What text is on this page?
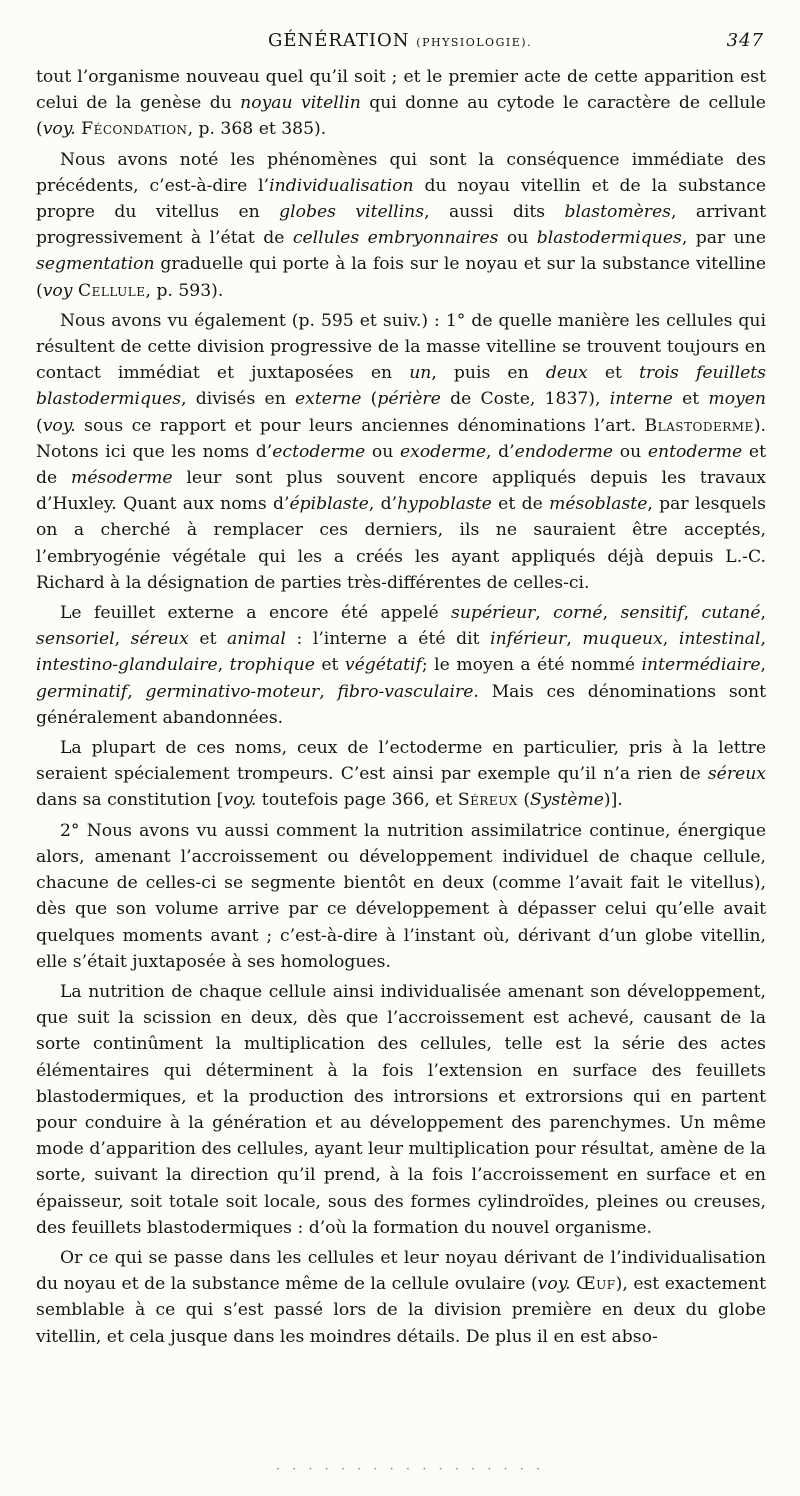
GÉNÉRATION (PHYSIOLOGIE).	347

tout l’organisme nouveau quel qu’il soit ; et le premier acte de cette apparition est celui de la genèse du noyau vitellin qui donne au cytode le caractère de cellule (voy. Fécondation, p. 368 et 385).

Nous avons noté les phénomènes qui sont la conséquence immédiate des précédents, c’est-à-dire l’individualisation du noyau vitellin et de la substance propre du vitellus en globes vitellins, aussi dits blastomères, arrivant progressivement à l’état de cellules embryonnaires ou blastodermiques, par une segmentation graduelle qui porte à la fois sur le noyau et sur la substance vitelline (voy Cellule, p. 593).

Nous avons vu également (p. 595 et suiv.) : 1° de quelle manière les cellules qui résultent de cette division progressive de la masse vitelline se trouvent toujours en contact immédiat et juxtaposées en un, puis en deux et trois feuillets blastodermiques, divisés en externe (périère de Coste, 1837), interne et moyen (voy. sous ce rapport et pour leurs anciennes dénominations l’art. Blastoderme). Notons ici que les noms d’ectoderme ou exoderme, d’endoderme ou entoderme et de mésoderme leur sont plus souvent encore appliqués depuis les travaux d’Huxley. Quant aux noms d’épiblaste, d’hypoblaste et de mésoblaste, par lesquels on a cherché à remplacer ces derniers, ils ne sauraient être acceptés, l’embryogénie végétale qui les a créés les ayant appliqués déjà depuis L.-C. Richard à la désignation de parties très-différentes de celles-ci.

Le feuillet externe a encore été appelé supérieur, corné, sensitif, cutané, sensoriel, séreux et animal : l’interne a été dit inférieur, muqueux, intestinal, intestino-glandulaire, trophique et végétatif; le moyen a été nommé intermédiaire, germinatif, germinativo-moteur, fibro-vasculaire. Mais ces dénominations sont généralement abandonnées.

La plupart de ces noms, ceux de l’ectoderme en particulier, pris à la lettre seraient spécialement trompeurs. C’est ainsi par exemple qu’il n’a rien de séreux dans sa constitution [voy. toutefois page 366, et Séreux (Système)].

2° Nous avons vu aussi comment la nutrition assimilatrice continue, énergique alors, amenant l’accroissement ou développement individuel de chaque cellule, chacune de celles-ci se segmente bientôt en deux (comme l’avait fait le vitellus), dès que son volume arrive par ce développement à dépasser celui qu’elle avait quelques moments avant ; c’est-à-dire à l’instant où, dérivant d’un globe vitellin, elle s’était juxtaposée à ses homologues.

La nutrition de chaque cellule ainsi individualisée amenant son développement, que suit la scission en deux, dès que l’accroissement est achevé, causant de la sorte continûment la multiplication des cellules, telle est la série des actes élémentaires qui déterminent à la fois l’extension en surface des feuillets blastodermiques, et la production des introrsions et extrorsions qui en partent pour conduire à la génération et au développement des parenchymes. Un même mode d’apparition des cellules, ayant leur multiplication pour résultat, amène de la sorte, suivant la direction qu’il prend, à la fois l’accroissement en surface et en épaisseur, soit totale soit locale, sous des formes cylindroïdes, pleines ou creuses, des feuillets blastodermiques : d’où la formation du nouvel organisme.

Or ce qui se passe dans les cellules et leur noyau dérivant de l’individualisation du noyau et de la substance même de la cellule ovulaire (voy. Œuf), est exactement semblable à ce qui s’est passé lors de la division première en deux du globe vitellin, et cela jusque dans les moindres détails. De plus il en est abso-

· · · · · · · · · · · · · · · · ·
